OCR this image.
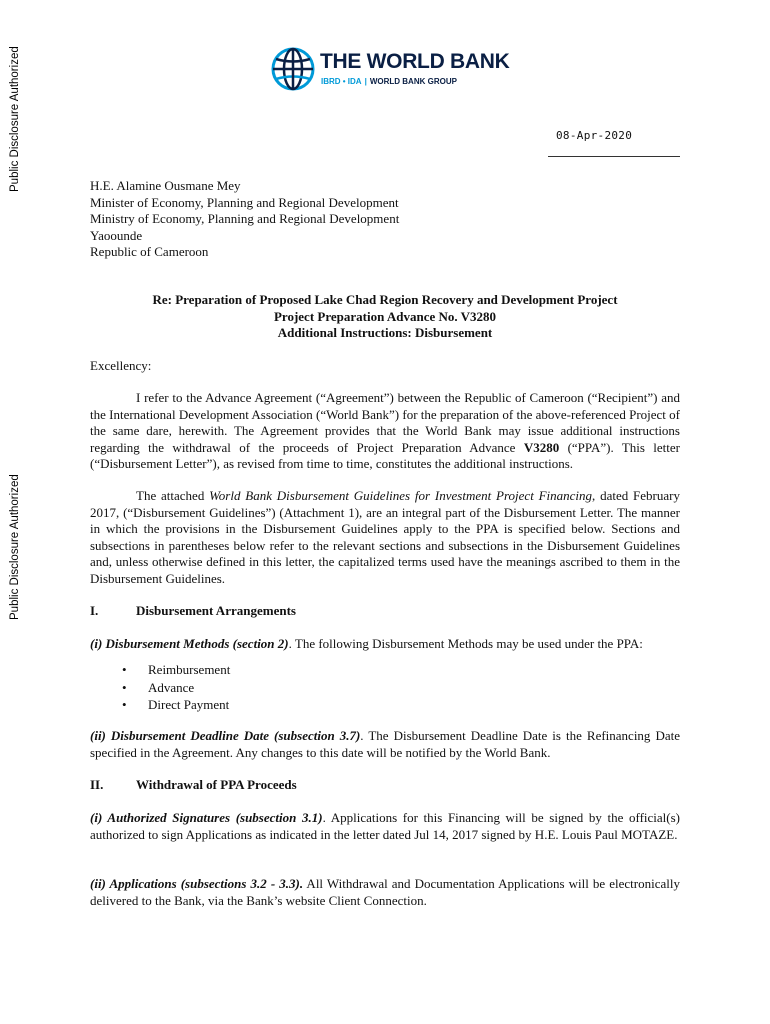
Public Disclosure Authorized
Public Disclosure Authorized
THE WORLD BANK
IBRD • IDA | WORLD BANK GROUP
08-Apr-2020
H.E. Alamine Ousmane Mey
Minister of Economy, Planning and Regional Development
Ministry of Economy, Planning and Regional Development
Yaoounde
Republic of Cameroon
Re: Preparation of Proposed Lake Chad Region Recovery and Development Project
Project Preparation Advance No. V3280
Additional Instructions: Disbursement
Excellency:
I refer to the Advance Agreement (“Agreement”) between the Republic of Cameroon (“Recipient”) and the International Development Association (“World Bank”) for the preparation of the above-referenced Project of the same dare, herewith. The Agreement provides that the World Bank may issue additional instructions regarding the withdrawal of the proceeds of Project Preparation Advance V3280 (“PPA”). This letter (“Disbursement Letter”), as revised from time to time, constitutes the additional instructions.
The attached World Bank Disbursement Guidelines for Investment Project Financing, dated February 2017, (“Disbursement Guidelines”) (Attachment 1), are an integral part of the Disbursement Letter. The manner in which the provisions in the Disbursement Guidelines apply to the PPA is specified below. Sections and subsections in parentheses below refer to the relevant sections and subsections in the Disbursement Guidelines and, unless otherwise defined in this letter, the capitalized terms used have the meanings ascribed to them in the Disbursement Guidelines.
I.	Disbursement Arrangements
(i) Disbursement Methods (section 2). The following Disbursement Methods may be used under the PPA:
• Reimbursement
• Advance
• Direct Payment
(ii) Disbursement Deadline Date (subsection 3.7). The Disbursement Deadline Date is the Refinancing Date specified in the Agreement. Any changes to this date will be notified by the World Bank.
II.	Withdrawal of PPA Proceeds
(i) Authorized Signatures (subsection 3.1). Applications for this Financing will be signed by the official(s) authorized to sign Applications as indicated in the letter dated Jul 14, 2017 signed by H.E. Louis Paul MOTAZE.
(ii) Applications (subsections 3.2 - 3.3). All Withdrawal and Documentation Applications will be electronically delivered to the Bank, via the Bank’s website Client Connection.
